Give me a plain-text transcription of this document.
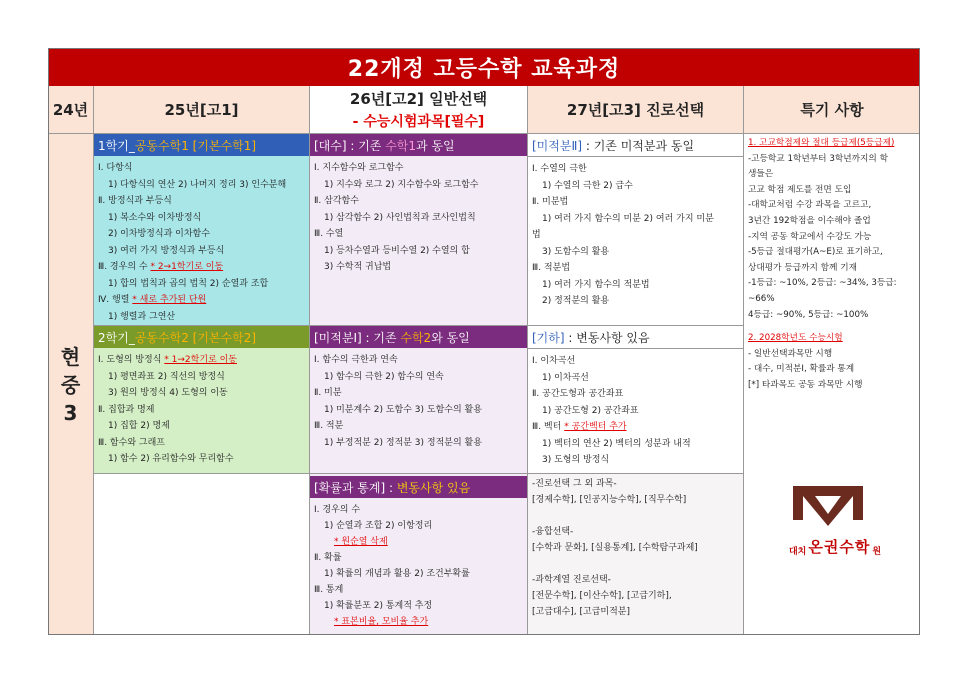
22개정 고등수학 교육과정
24년	25년[고1]
26년[고2] 일반선택
- 수능시험과목[필수]
27년[고3] 진로선택	특기 사항
현중3
1학기_공동수학1 [기본수학1]
Ⅰ. 다항식
1) 다항식의 연산 2) 나머지 정리 3) 인수분해
Ⅱ. 방정식과 부등식
1) 복소수와 이차방정식
2) 이차방정식과 이차함수
3) 여러 가지 방정식과 부등식
Ⅲ. 경우의 수 * 2→1학기로 이동
1) 합의 법칙과 곱의 법칙 2) 순열과 조합
Ⅳ. 행렬 * 새로 추가된 단원
1) 행렬과 그연산
2학기_공동수학2 [기본수학2]
Ⅰ. 도형의 방정식 * 1→2학기로 이동
1) 평면좌표 2) 직선의 방정식
3) 원의 방정식 4) 도형의 이동
Ⅱ. 집합과 명제
1) 집합 2) 명제
Ⅲ. 함수와 그래프
1) 함수 2) 유리함수와 무리함수
[대수] : 기존 수학1과 동일
Ⅰ. 지수함수와 로그함수
1) 지수와 로그 2) 지수함수와 로그함수
Ⅱ. 삼각함수
1) 삼각함수 2) 사인법칙과 코사인법칙
Ⅲ. 수열
1) 등차수열과 등비수열 2) 수열의 합
3) 수학적 귀납법
[미적분Ⅰ] : 기존 수학2와 동일
Ⅰ. 함수의 극한과 연속
1) 함수의 극한 2) 함수의 연속
Ⅱ. 미분
1) 미분계수 2) 도함수 3) 도함수의 활용
Ⅲ. 적분
1) 부정적분 2) 정적분 3) 정적분의 활용
[확률과 통계] : 변동사항 있음
Ⅰ. 경우의 수
1) 순열과 조합 2) 이항정리
* 원순열 삭제
Ⅱ. 확률
1) 확률의 개념과 활용 2) 조건부확률
Ⅲ. 통계
1) 확률분포 2) 통계적 추정
* 표본비율, 모비율 추가
[미적분Ⅱ] : 기존 미적분과 동일
Ⅰ. 수열의 극한
1) 수열의 극한 2) 급수
Ⅱ. 미분법
1) 여러 가지 함수의 미분 2) 여러 가지 미분
법
3) 도함수의 활용
Ⅲ. 적분법
1) 여러 가지 함수의 적분법
2) 정적분의 활용
[기하] : 변동사항 있음
Ⅰ. 이차곡선
1) 이차곡선
Ⅱ. 공간도형과 공간좌표
1) 공간도형 2) 공간좌표
Ⅲ. 벡터 * 공간벡터 추가
1) 벡터의 연산 2) 벡터의 성분과 내적
3) 도형의 방정식
-진로선택 그 외 과목-
[경제수학], [인공지능수학], [직무수학]

-융합선택-
[수학과 문화], [실용통계], [수학탐구과제]

-과학계열 진로선택-
[전문수학], [이산수학], [고급기하],
[고급대수], [고급미적분]
1. 고교학점제와 절대 등급제(5등급제)
-고등학교 1학년부터 3학년까지의 학
생들은
고교 학점 제도를 전면 도입
-대학교처럼 수강 과목을 고르고,
3년간 192학점을 이수해야 졸업
-지역 공동 학교에서 수강도 가능
-5등급 절대평가(A~E)로 표기하고,
상대평가 등급까지 함께 기재
-1등급: ~10%, 2등급: ~34%, 3등급:
~66%
4등급: ~90%, 5등급: ~100%
2. 2028학년도 수능시험
- 일반선택과목만 시행
- 대수, 미적분Ⅰ, 확률과 통계
[*] 타과목도 공동 과목만 시행
대치 온권수학 원
